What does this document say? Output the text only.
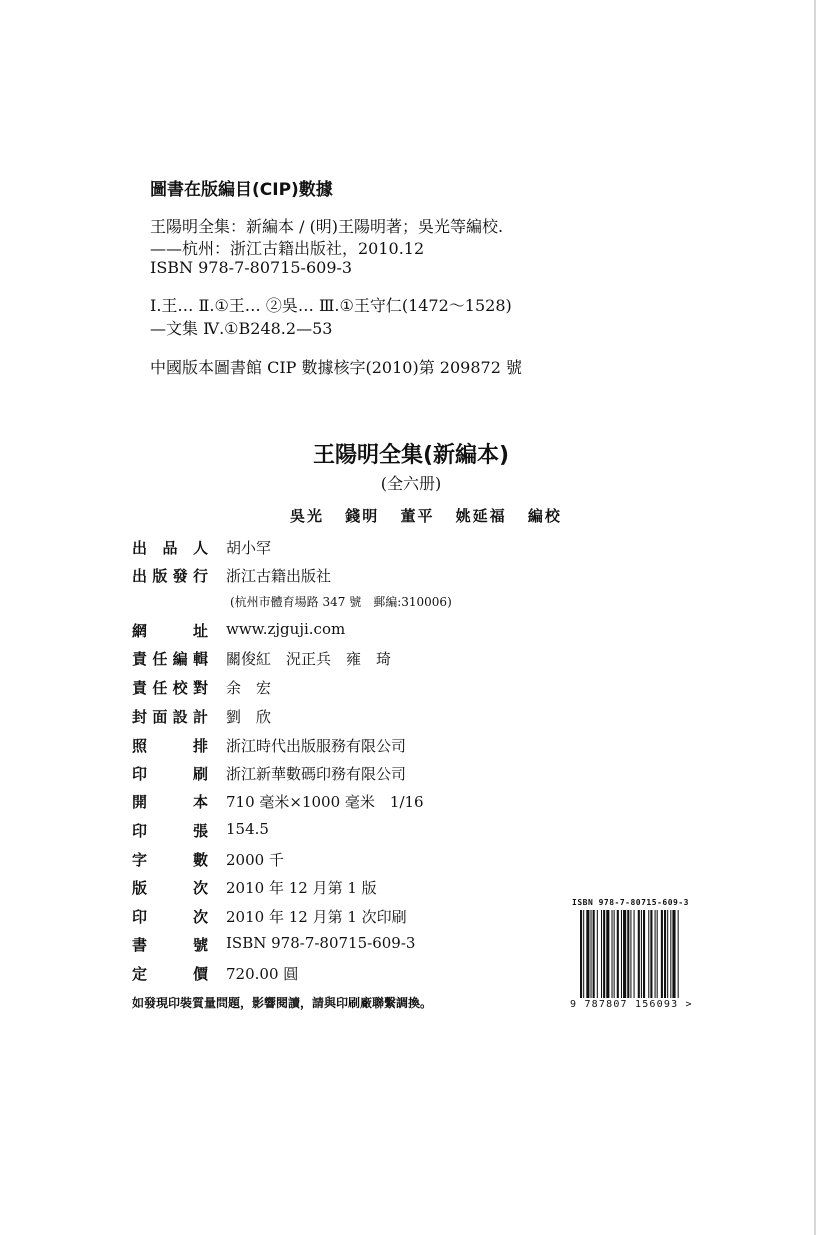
圖書在版編目(CIP)數據
王陽明全集：新編本 / (明)王陽明著；吳光等編校.
——杭州：浙江古籍出版社，2010.12
ISBN 978-7-80715-609-3
Ⅰ.王… Ⅱ.①王… ②吳… Ⅲ.①王守仁(1472～1528)
—文集 Ⅳ.①B248.2—53
中國版本圖書館 CIP 數據核字(2010)第 209872 號
王陽明全集(新編本)
(全六册)
吳光 錢明 董平 姚延福 編校
出品人 胡小罕
出版發行 浙江古籍出版社
(杭州市體育場路 347 號　郵編:310006)
網址 www.zjguji.com
責任編輯 關俊紅　況正兵　雍　琦
責任校對 余　宏
封面設計 劉　欣
照排 浙江時代出版服務有限公司
印刷 浙江新華數碼印務有限公司
開本 710 毫米×1000 毫米　1/16
印張 154.5
字數 2000 千
版次 2010 年 12 月第 1 版
印次 2010 年 12 月第 1 次印刷
書號 ISBN 978-7-80715-609-3
定價 720.00 圓
如發現印裝質量問題，影響閱讀，請與印刷廠聯繫調換。
ISBN 978-7-80715-609-3
9 787807 156093 >
